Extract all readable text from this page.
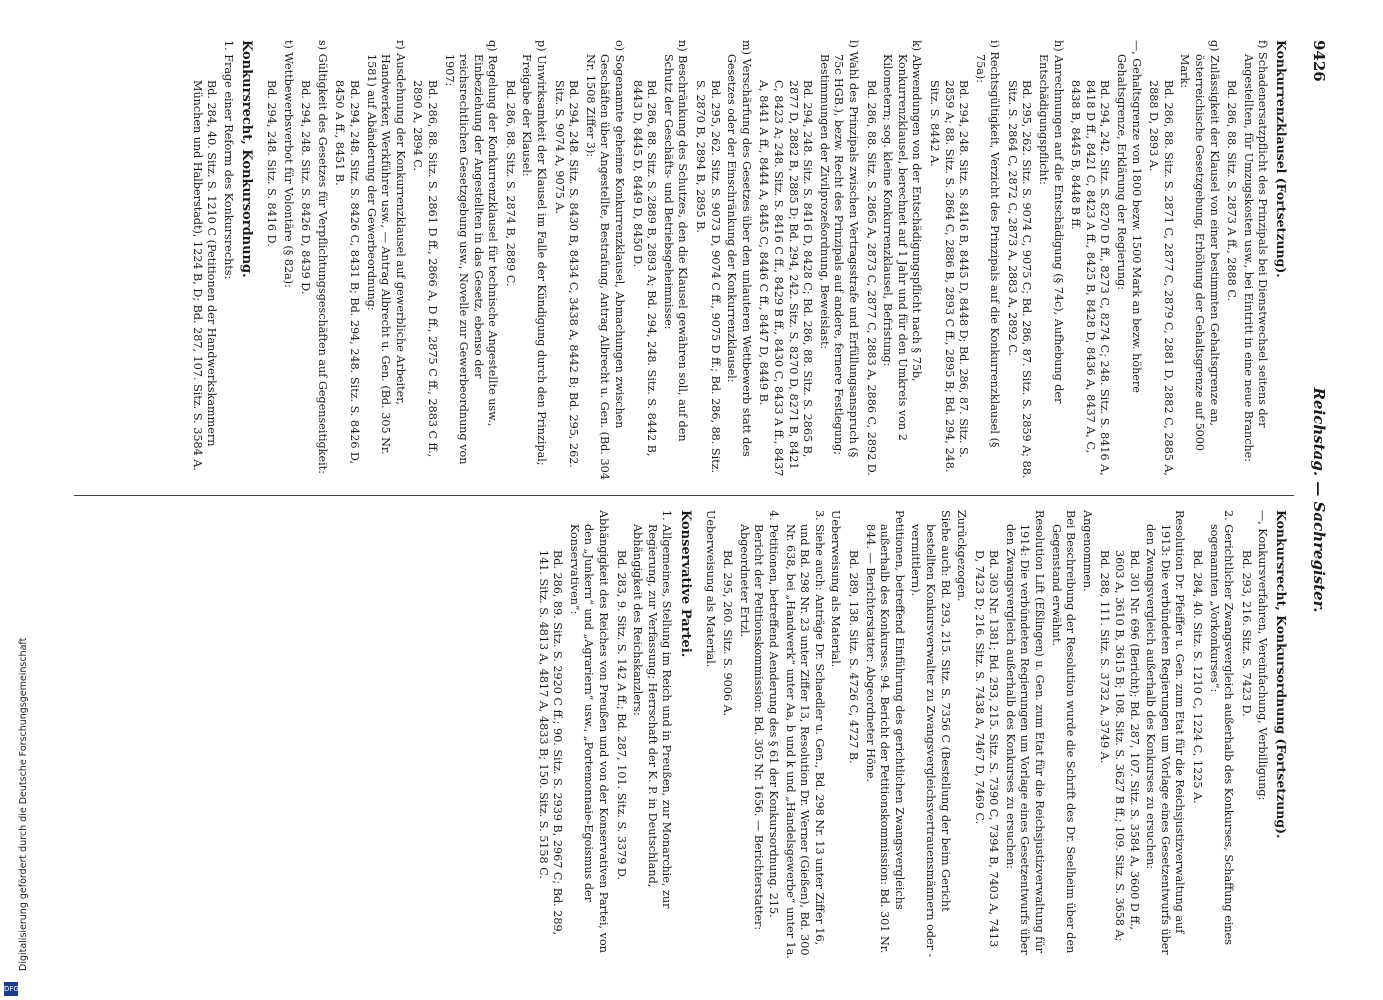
Digitalisierung gefördert durch die Deutsche Forschungsgemeinschaft
DFG
9426
Reichstag. — Sachregister.
Konkurrenzklausel (Fortsetzung).
f) Schadenersatzpflicht des Prinzipals bei Dienstwechsel seitens der Angestellten, für Umzugskosten usw., bei Eintritt in eine neue Branche:
Bd. 286, 88. Sitz. S. 2873 A ff., 2888 C.
g) Zulässigkeit der Klausel von einer bestimmten Gehaltsgrenze an, österreichische Gesetzgebung, Erhöhung der Gehaltsgrenze auf 5000 Mark:
Bd. 286, 88. Sitz. S. 2871 C, 2877 C, 2879 C, 2881 D, 2882 C, 2885 A, 2888 D, 2893 A.
—, Gehaltsgrenze von 1800 bezw. 1500 Mark an bezw. höhere Gehaltsgrenze, Erklärung der Regierung:
Bd. 294, 242. Sitz. S. 8270 D ff., 8273 C, 8274 C; 248. Sitz. S. 8416 A, 8418 D ff., 8421 C, 8423 A ff., 8425 B, 8428 D, 8436 A, 8437 A, C, 8438 B, 8445 B, 8448 B ff.
h) Anrechnungen auf die Entschädigung (§ 74c), Aufhebung der Entschädigungspflicht:
Bd. 295, 262. Sitz. S. 9074 C, 9075 C; Bd. 286, 87. Sitz. S. 2859 A; 88. Sitz. S. 2864 C, 2872 C, 2873 A, 2883 A, 2892 C.
i) Rechtsgültigkeit, Verzicht des Prinzipals auf die Konkurrenzklausel (§ 75a):
Bd. 294, 248. Sitz. S. 8416 B, 8445 D, 8448 D; Bd. 286, 87. Sitz. S. 2859 A; 88. Sitz. S. 2864 C, 2886 B, 2893 C ff., 2895 B; Bd. 294, 248. Sitz. S. 8442 A.
k) Abwendungen von der Entschädigungspflicht nach § 75b, Konkurrenzklausel, berechnet auf 1 Jahr und für den Umkreis von 2 Kilometern; sog. kleine Konkurrenzklausel, Befristung:
Bd. 286, 88. Sitz. S. 2865 A, 2873 C, 2877 C, 2883 A, 2886 C, 2892 D.
l) Wahl des Prinzipals zwischen Vertragsstrafe und Erfüllungsanspruch (§ 75c HGB.), bezw. Recht des Prinzipals auf andere, fernere Festlegung; Bestimmungen der Zivilprozeßordnung, Beweislast:
Bd. 294, 248. Sitz. S. 8416 D, 8428 C; Bd. 286, 88. Sitz. S. 2865 B, 2877 D, 2882 B, 2885 D; Bd. 294, 242. Sitz. S. 8270 D, 8271 B, 8421 C, 8423 A; 248. Sitz. S. 8416 C ff., 8429 B ff., 8430 C, 8433 A ff., 8437 A, 8441 A ff., 8444 A, 8445 C, 8446 C ff., 8447 D, 8449 B.
m) Verschärfung des Gesetzes über den unlauteren Wettbewerb statt des Gesetzes oder der Einschränkung der Konkurrenzklausel:
Bd. 295, 262. Sitz. S. 9073 D, 9074 C ff., 9075 D ff.; Bd. 286, 88. Sitz. S. 2870 B, 2894 B, 2895 B.
n) Beschränkung des Schutzes, den die Klausel gewähren soll, auf den Schutz der Geschäfts- und Betriebsgeheimnisse:
Bd. 286, 88. Sitz. S. 2889 B, 2893 A; Bd. 294, 248. Sitz. S. 8442 B, 8443 D, 8445 D, 8449 D, 8450 D.
o) Sogenannte geheime Konkurrenzklausel, Abmachungen zwischen Geschäften über Angestellte, Bestrafung, Antrag Albrecht u. Gen. (Bd. 304 Nr. 1508 Ziffer 3):
Bd. 294, 248. Sitz. S. 8430 B, 8434 C, 3438 A, 8442 B; Bd. 295, 262. Sitz. S. 9074 A, 9075 A.
p) Unwirksamkeit der Klausel im Falle der Kündigung durch den Prinzipal; Freigabe der Klausel:
Bd. 286, 88. Sitz. S. 2874 B, 2889 C.
q) Regelung der Konkurrenzklausel für technische Angestellte usw., Einbeziehung der Angestellten in das Gesetz, ebenso der reichsrechtlichen Gesetzgebung usw., Novelle zur Gewerbeordnung von 1907:
Bd. 286, 88. Sitz. S. 2861 D ff., 2866 A, D ff., 2875 C ff., 2883 C ff., 2890 A, 2894 C.
r) Ausdehnung der Konkurrenzklausel auf gewerbliche Arbeiter, Handwerker, Werkführer usw., — Antrag Albrecht u. Gen. (Bd. 305 Nr. 1581) auf Abänderung der Gewerbeordnung:
Bd. 294, 248. Sitz. S. 8426 C, 8431 B; Bd. 294, 248. Sitz. S. 8426 D, 8450 A ff., 8451 B.
s) Gültigkeit des Gesetzes für Verpflichtungsgeschäften auf Gegenseitigkeit:
Bd. 294, 248. Sitz. S. 8426 D, 8439 D.
t) Wettbewerbsverbot für Volontäre (§ 82a):
Bd. 294, 248. Sitz. S. 8416 D.
Konkursrecht, Konkursordnung.
1. Frage einer Reform des Konkursrechts:
Bd. 284, 40. Sitz. S. 1210 C (Petitionen der Handwerkskammern München und Halberstadt), 1224 B, D; Bd. 287, 107. Sitz. S. 3584 A.
Konkursrecht, Konkursordnung (Fortsetzung).
—, Konkursverfahren, Vereinfachung, Verbilligung:
Bd. 293, 216. Sitz. S. 7423 D.
2. Gerichtlicher Zwangsvergleich außerhalb des Konkurses, Schaffung eines sogenannten „Vorkonkurses“:
Bd. 284, 40. Sitz. S. 1210 C, 1224 C, 1225 A.
Resolution Dr. Pfeiffer u. Gen. zum Etat für die Reichsjustizverwaltung auf 1913: Die verbündeten Regierungen um Vorlage eines Gesetzentwurfs über den Zwangsvergleich außerhalb des Konkurses zu ersuchen:
Bd. 301 Nr. 696 (Bericht); Bd. 287, 107. Sitz. S. 3584 A, 3600 D ff., 3603 A, 3610 B, 3615 B; 108. Sitz. S. 3627 B ff.; 109. Sitz. S. 3658 A; Bd. 288, 111. Sitz. S. 3732 A, 3749 A.
Angenommen.
Bei Beschreibung der Resolution wurde die Schrift des Dr. Seelheim über den Gegenstand erwähnt.
Resolution Lift (Eßlingen) u. Gen. zum Etat für die Reichsjustizverwaltung für 1914: Die verbündeten Regierungen um Vorlage eines Gesetzentwurfs über den Zwangsvergleich außerhalb des Konkurses zu ersuchen:
Bd. 303 Nr. 1381; Bd. 293, 215. Sitz. S. 7390 C, 7394 B, 7403 A, 7413 D, 7423 D; 216. Sitz. S. 7438 A, 7467 D, 7469 C.
Zurückgezogen.
Siehe auch: Bd. 293, 215. Sitz. S. 7356 C (Bestellung der beim Gericht bestellten Konkursverwalter zu Zwangsvergleichsvertrauensmännern oder -vermittlern).
Petitionen, betreffend Einführung des gerichtlichen Zwangsvergleichs außerhalb des Konkurses. 94. Bericht der Petitionskommission: Bd. 301 Nr. 844. — Berichterstatter: Abgeordneter Höne.
Bd. 289, 138. Sitz. S. 4726 C, 4727 B.
Ueberweisung als Material.
3. Siehe auch: Anträge Dr. Schaedler u. Gen., Bd. 298 Nr. 13 unter Ziffer 16, und Bd. 298 Nr. 23 unter Ziffer 13, Resolution Dr. Werner (Gießen), Bd. 300 Nr. 638, bei „Handwerk“ unter Aa, b und k und „Handelsgewerbe“ unter 1a.
4. Petitionen, betreffend Aenderung des § 61 der Konkursordnung. 215. Bericht der Petitionskommission: Bd. 305 Nr. 1656. — Berichterstatter: Abgeordneter Ertzl.
Bd. 295, 260. Sitz. S. 9006 A.
Ueberweisung als Material.
Konservative Partei.
1. Allgemeines, Stellung im Reich und in Preußen, zur Monarchie, zur Regierung, zur Verfassung; Herrschaft der K. P. in Deutschland, Abhängigkeit des Reichskanzlers:
Bd. 283, 9. Sitz. S. 142 A ff.; Bd. 287, 101. Sitz. S. 3379 D.
Abhängigkeit des Reiches von Preußen und von der Konservativen Partei, von den „Junkern“ und „Agrariern“ usw., „Portemonnaie-Egoismus der Konservativen“:
Bd. 286, 89. Sitz. S. 2920 C ff.; 90. Sitz. S. 2939 B, 2967 C; Bd. 289, 141. Sitz. S. 4813 A, 4817 A, 4833 B; 150. Sitz. S. 5158 C.
